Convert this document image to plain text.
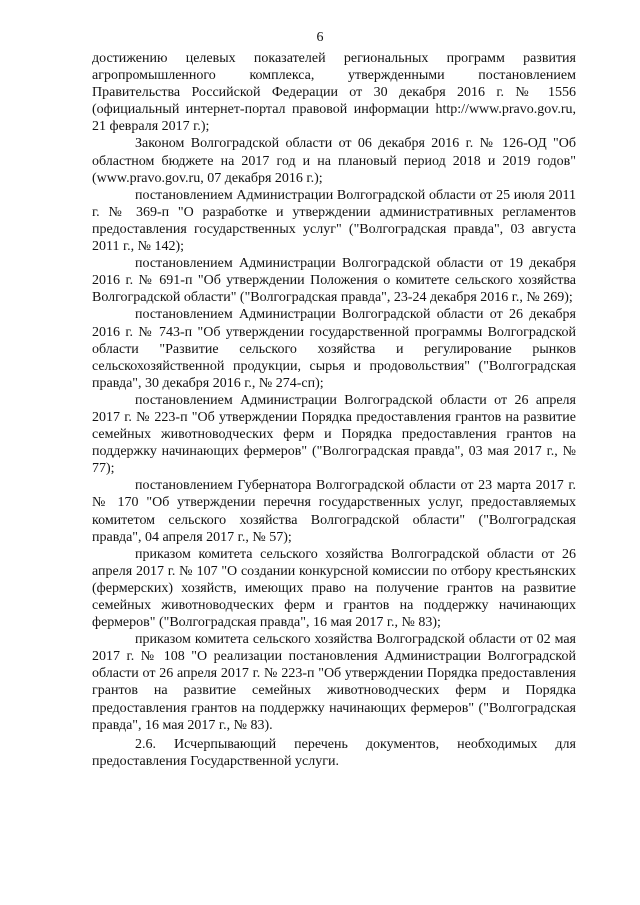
6

достижению целевых показателей региональных программ развития агропромышленного комплекса, утвержденными постановлением Правительства Российской Федерации от 30 декабря 2016 г. № 1556 (официальный интернет-портал правовой информации http://www.pravo.gov.ru, 21 февраля 2017 г.);

Законом Волгоградской области от 06 декабря 2016 г. № 126-ОД "Об областном бюджете на 2017 год и на плановый период 2018 и 2019 годов" (www.pravo.gov.ru, 07 декабря 2016 г.);

постановлением Администрации Волгоградской области от 25 июля 2011 г. № 369-п "О разработке и утверждении административных регламентов предоставления государственных услуг" ("Волгоградская правда", 03 августа 2011 г., № 142);

постановлением Администрации Волгоградской области от 19 декабря 2016 г. № 691-п "Об утверждении Положения о комитете сельского хозяйства Волгоградской области" ("Волгоградская правда", 23-24 декабря 2016 г., № 269);

постановлением Администрации Волгоградской области от 26 декабря 2016 г. № 743-п "Об утверждении государственной программы Волгоградской области "Развитие сельского хозяйства и регулирование рынков сельскохозяйственной продукции, сырья и продовольствия" ("Волгоградская правда", 30 декабря 2016 г., № 274-сп);

постановлением Администрации Волгоградской области от 26 апреля 2017 г. № 223-п "Об утверждении Порядка предоставления грантов на развитие семейных животноводческих ферм и Порядка предоставления грантов на поддержку начинающих фермеров" ("Волгоградская правда", 03 мая 2017 г., № 77);

постановлением Губернатора Волгоградской области от 23 марта 2017 г. № 170 "Об утверждении перечня государственных услуг, предоставляемых комитетом сельского хозяйства Волгоградской области" ("Волгоградская правда", 04 апреля 2017 г., № 57);

приказом комитета сельского хозяйства Волгоградской области от 26 апреля 2017 г. № 107 "О создании конкурсной комиссии по отбору крестьянских (фермерских) хозяйств, имеющих право на получение грантов на развитие семейных животноводческих ферм и грантов на поддержку начинающих фермеров" ("Волгоградская правда", 16 мая 2017 г., № 83);

приказом комитета сельского хозяйства Волгоградской области от 02 мая 2017 г. № 108 "О реализации постановления Администрации Волгоградской области от 26 апреля 2017 г. № 223-п "Об утверждении Порядка предоставления грантов на развитие семейных животноводческих ферм и Порядка предоставления грантов на поддержку начинающих фермеров" ("Волгоградская правда", 16 мая 2017 г., № 83).

2.6. Исчерпывающий перечень документов, необходимых для предоставления Государственной услуги.
